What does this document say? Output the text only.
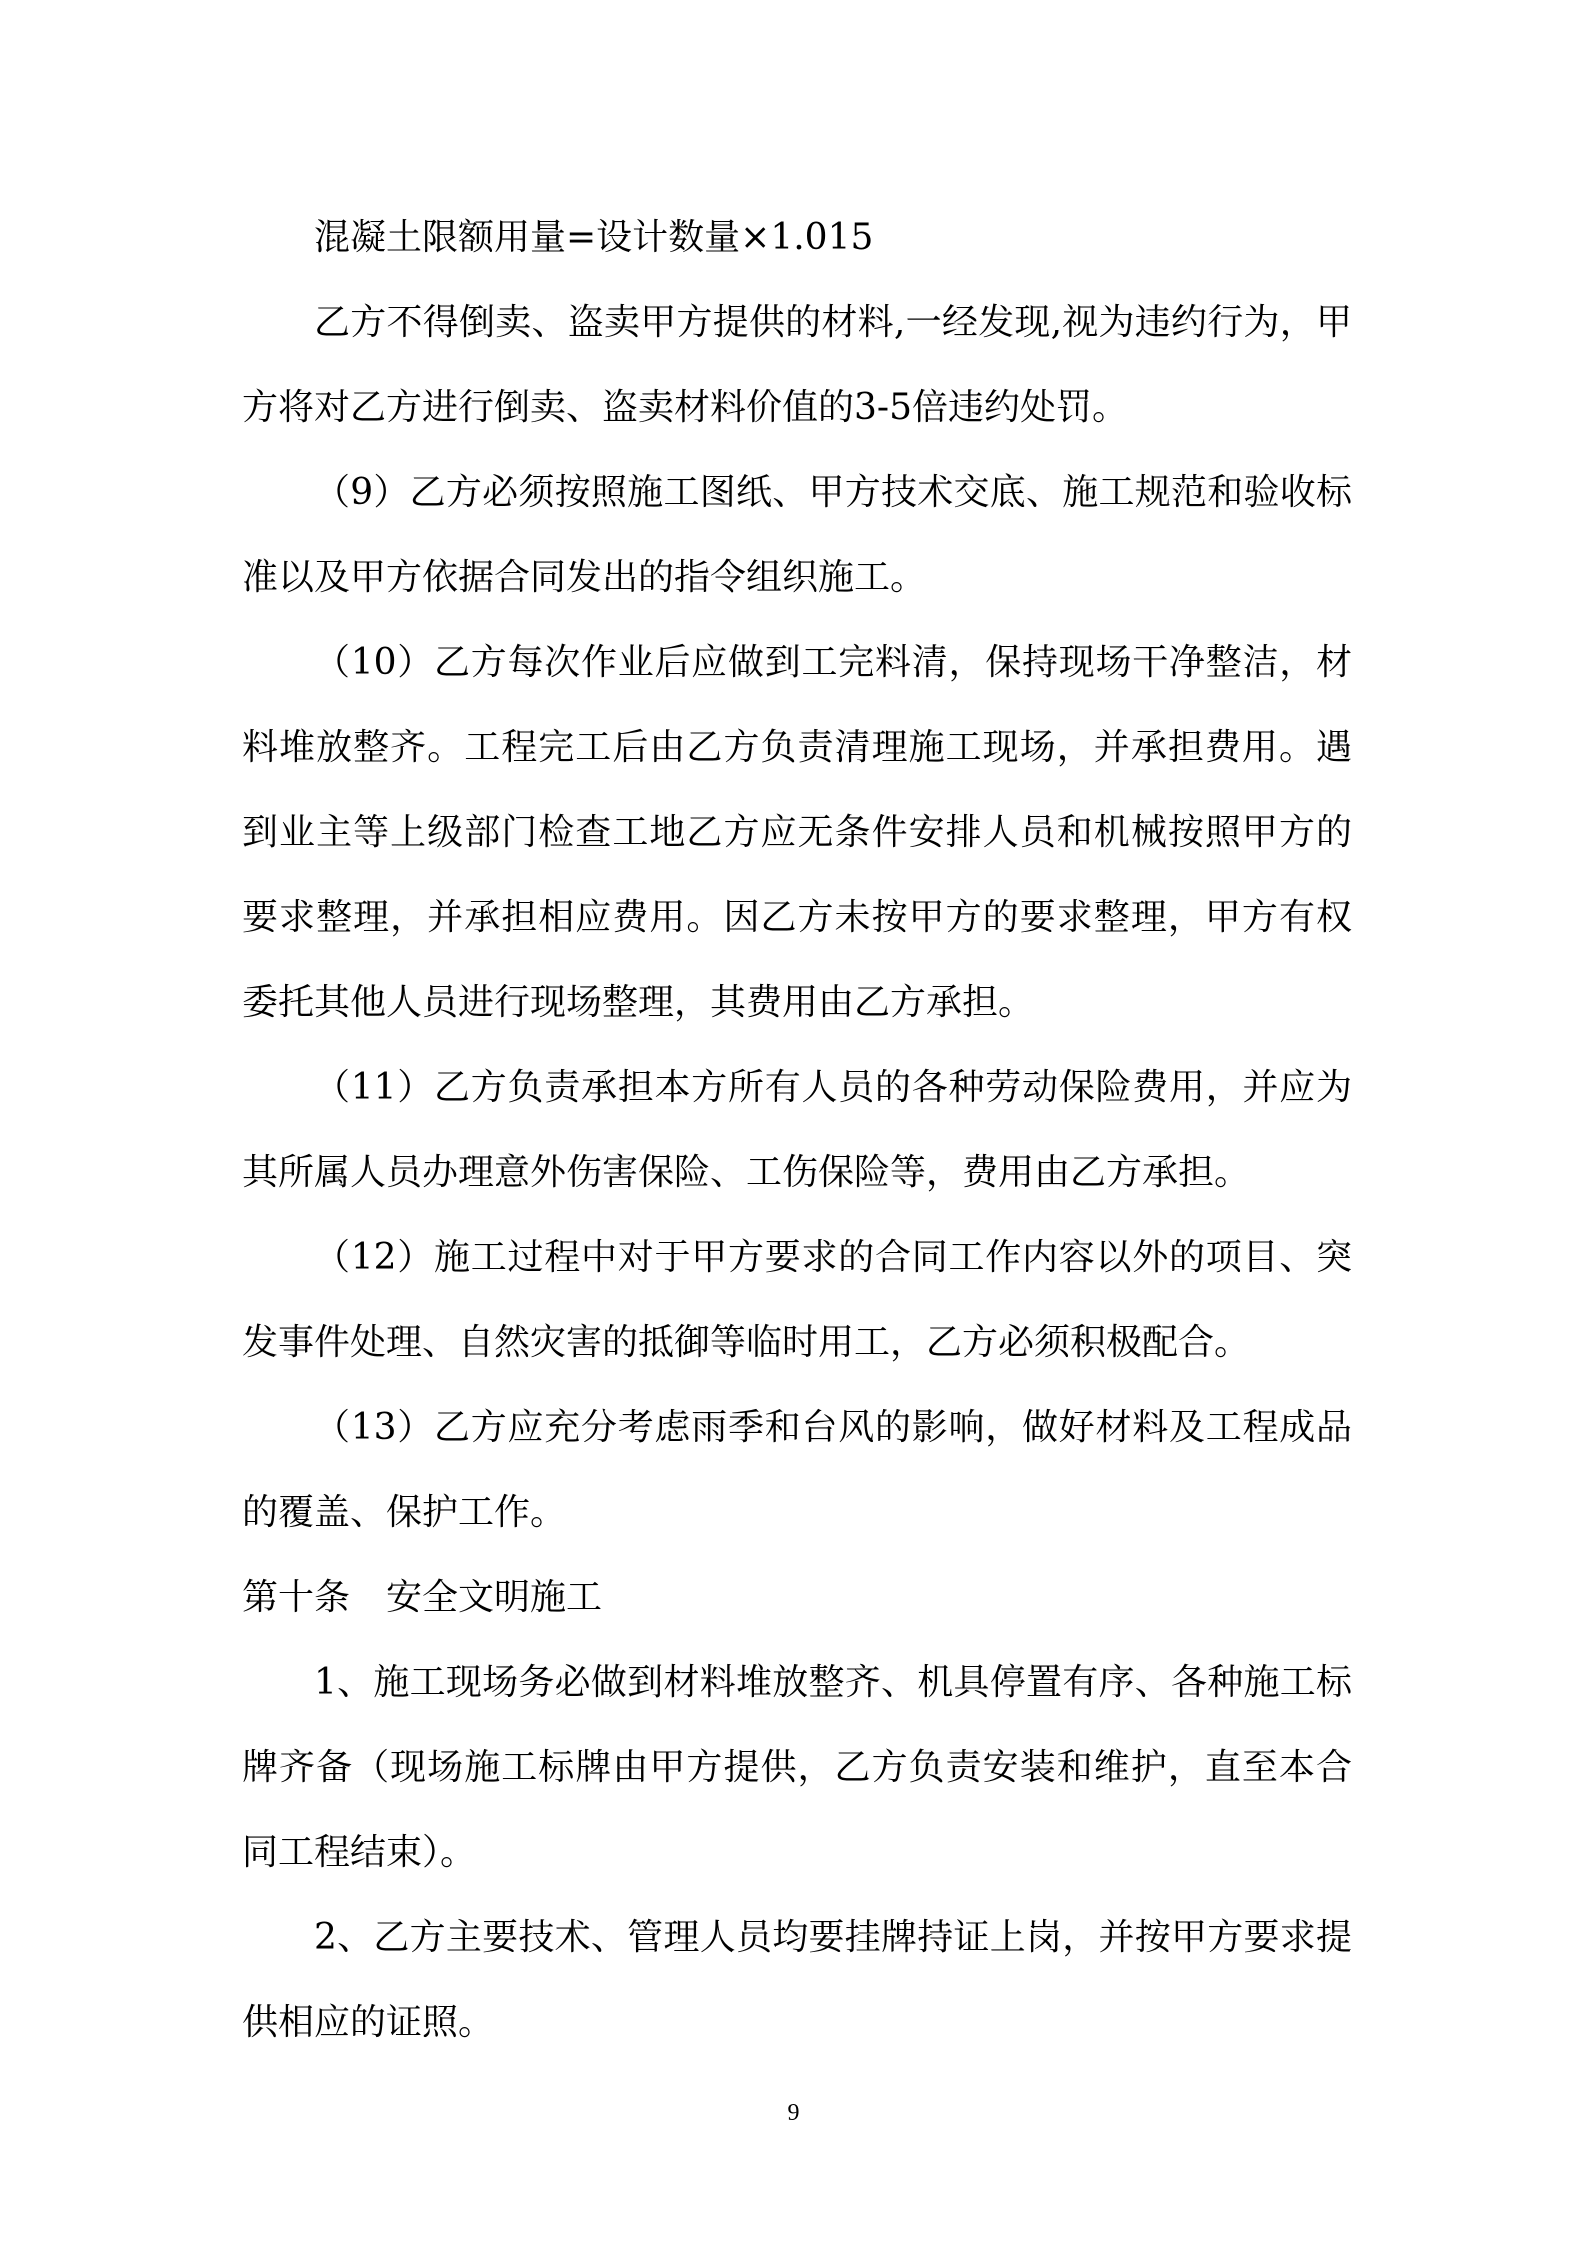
混凝土限额用量=设计数量×1.015

乙方不得倒卖、盗卖甲方提供的材料,一经发现,视为违约行为，甲方将对乙方进行倒卖、盗卖材料价值的3-5倍违约处罚。

（9）乙方必须按照施工图纸、甲方技术交底、施工规范和验收标准以及甲方依据合同发出的指令组织施工。

（10）乙方每次作业后应做到工完料清，保持现场干净整洁，材料堆放整齐。工程完工后由乙方负责清理施工现场，并承担费用。遇到业主等上级部门检查工地乙方应无条件安排人员和机械按照甲方的要求整理，并承担相应费用。因乙方未按甲方的要求整理，甲方有权委托其他人员进行现场整理，其费用由乙方承担。

（11）乙方负责承担本方所有人员的各种劳动保险费用，并应为其所属人员办理意外伤害保险、工伤保险等，费用由乙方承担。

（12）施工过程中对于甲方要求的合同工作内容以外的项目、突发事件处理、自然灾害的抵御等临时用工，乙方必须积极配合。

（13）乙方应充分考虑雨季和台风的影响，做好材料及工程成品的覆盖、保护工作。

第十条 安全文明施工

1、施工现场务必做到材料堆放整齐、机具停置有序、各种施工标牌齐备（现场施工标牌由甲方提供，乙方负责安装和维护，直至本合同工程结束）。

2、乙方主要技术、管理人员均要挂牌持证上岗，并按甲方要求提供相应的证照。

9
